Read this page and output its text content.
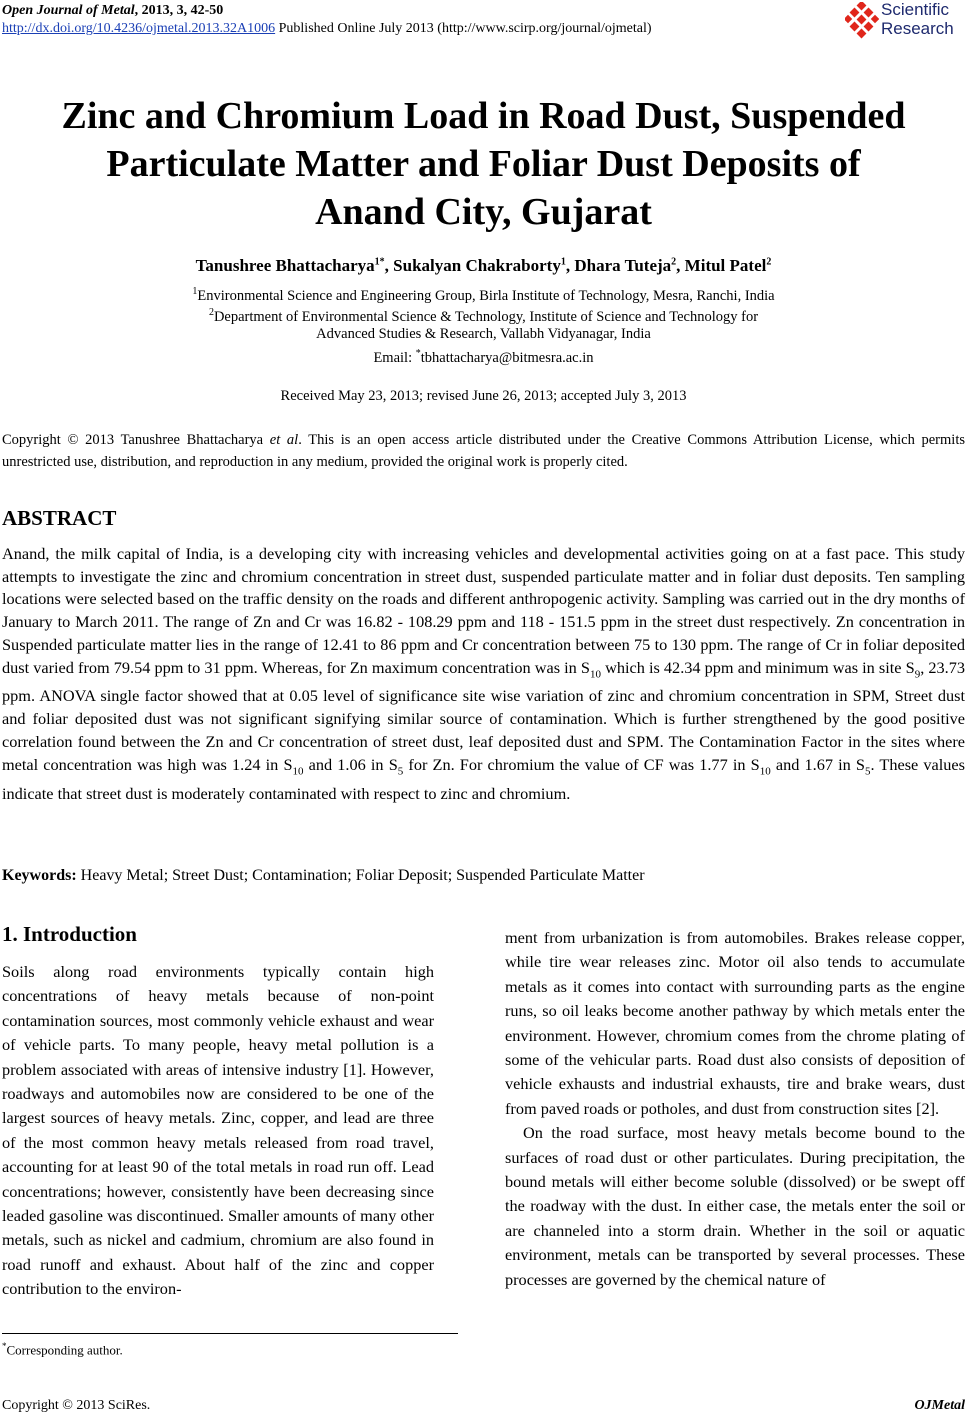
Open Journal of Metal, 2013, 3, 42-50
http://dx.doi.org/10.4236/ojmetal.2013.32A1006 Published Online July 2013 (http://www.scirp.org/journal/ojmetal)
Scientific
Research
Zinc and Chromium Load in Road Dust, Suspended
Particulate Matter and Foliar Dust Deposits of
Anand City, Gujarat
Tanushree Bhattacharya$^{1*}$, Sukalyan Chakraborty$^1$, Dhara Tuteja$^2$, Mitul Patel$^2$
$^1$Environmental Science and Engineering Group, Birla Institute of Technology, Mesra, Ranchi, India
$^2$Department of Environmental Science & Technology, Institute of Science and Technology for
Advanced Studies & Research, Vallabh Vidyanagar, India
Email: *tbhattacharya@bitmesra.ac.in
Received May 23, 2013; revised June 26, 2013; accepted July 3, 2013
Copyright © 2013 Tanushree Bhattacharya et al. This is an open access article distributed under the Creative Commons Attribution License, which permits unrestricted use, distribution, and reproduction in any medium, provided the original work is properly cited.
ABSTRACT
Anand, the milk capital of India, is a developing city with increasing vehicles and developmental activities going on at a fast pace. This study attempts to investigate the zinc and chromium concentration in street dust, suspended particulate matter and in foliar dust deposits. Ten sampling locations were selected based on the traffic density on the roads and different anthropogenic activity. Sampling was carried out in the dry months of January to March 2011. The range of Zn and Cr was 16.82 - 108.29 ppm and 118 - 151.5 ppm in the street dust respectively. Zn concentration in Suspended particulate matter lies in the range of 12.41 to 86 ppm and Cr concentration between 75 to 130 ppm. The range of Cr in foliar deposited dust varied from 79.54 ppm to 31 ppm. Whereas, for Zn maximum concentration was in $S_{10}$ which is 42.34 ppm and minimum was in site $S_9$, 23.73 ppm. ANOVA single factor showed that at 0.05 level of significance site wise variation of zinc and chromium concentration in SPM, Street dust and foliar deposited dust was not significant signifying similar source of contamination. Which is further strengthened by the good positive correlation found between the Zn and Cr concentration of street dust, leaf deposited dust and SPM. The Contamination Factor in the sites where metal concentration was high was 1.24 in $S_{10}$ and 1.06 in $S_5$ for Zn. For chromium the value of CF was 1.77 in $S_{10}$ and 1.67 in $S_5$. These values indicate that street dust is moderately contaminated with respect to zinc and chromium.
Keywords: Heavy Metal; Street Dust; Contamination; Foliar Deposit; Suspended Particulate Matter
1. Introduction

Soils along road environments typically contain high concentrations of heavy metals because of non-point contamination sources, most commonly vehicle exhaust and wear of vehicle parts. To many people, heavy metal pollution is a problem associated with areas of intensive industry [1]. However, roadways and automobiles now are considered to be one of the largest sources of heavy metals. Zinc, copper, and lead are three of the most common heavy metals released from road travel, accounting for at least 90 of the total metals in road run off. Lead concentrations; however, consistently have been decreasing since leaded gasoline was discontinued. Smaller amounts of many other metals, such as nickel and cadmium, chromium are also found in road runoff and exhaust. About half of the zinc and copper contribution to the environ-

ment from urbanization is from automobiles. Brakes release copper, while tire wear releases zinc. Motor oil also tends to accumulate metals as it comes into contact with surrounding parts as the engine runs, so oil leaks become another pathway by which metals enter the environment. However, chromium comes from the chrome plating of some of the vehicular parts. Road dust also consists of deposition of vehicle exhausts and industrial exhausts, tire and brake wears, dust from paved roads or potholes, and dust from construction sites [2].

On the road surface, most heavy metals become bound to the surfaces of road dust or other particulates. During precipitation, the bound metals will either become soluble (dissolved) or be swept off the roadway with the dust. In either case, the metals enter the soil or are channeled into a storm drain. Whether in the soil or aquatic environment, metals can be transported by several processes. These processes are governed by the chemical nature of

*Corresponding author.
Copyright © 2013 SciRes.	OJMetal
